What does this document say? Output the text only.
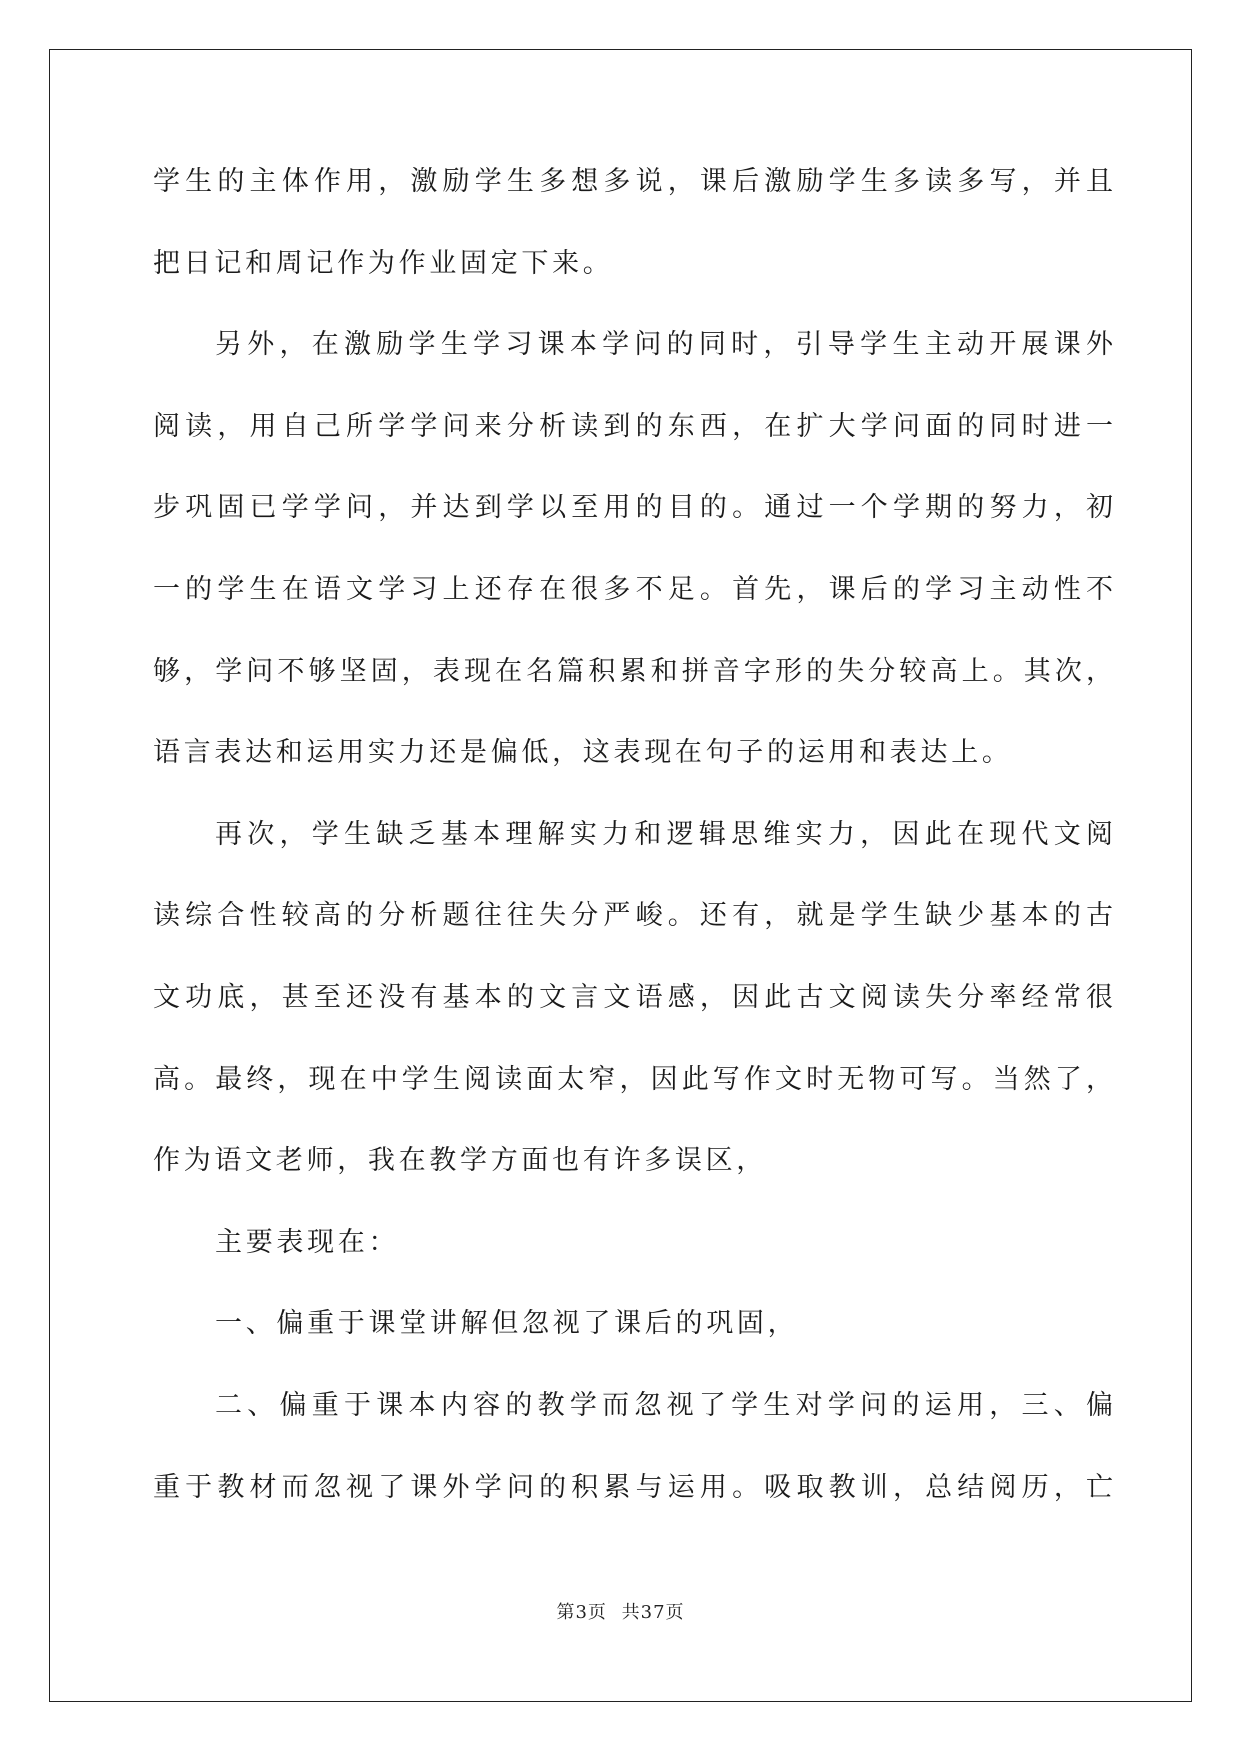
学生的主体作用，激励学生多想多说，课后激励学生多读多写，并且
把日记和周记作为作业固定下来。
另外，在激励学生学习课本学问的同时，引导学生主动开展课外
阅读，用自己所学学问来分析读到的东西，在扩大学问面的同时进一
步巩固已学学问，并达到学以至用的目的。通过一个学期的努力，初
一的学生在语文学习上还存在很多不足。首先，课后的学习主动性不
够，学问不够坚固，表现在名篇积累和拼音字形的失分较高上。其次，
语言表达和运用实力还是偏低，这表现在句子的运用和表达上。
再次，学生缺乏基本理解实力和逻辑思维实力，因此在现代文阅
读综合性较高的分析题往往失分严峻。还有，就是学生缺少基本的古
文功底，甚至还没有基本的文言文语感，因此古文阅读失分率经常很
高。最终，现在中学生阅读面太窄，因此写作文时无物可写。当然了，
作为语文老师，我在教学方面也有许多误区，
主要表现在：
一、偏重于课堂讲解但忽视了课后的巩固，
二、偏重于课本内容的教学而忽视了学生对学问的运用，三、偏
重于教材而忽视了课外学问的积累与运用。吸取教训，总结阅历，亡
第3页 共37页
